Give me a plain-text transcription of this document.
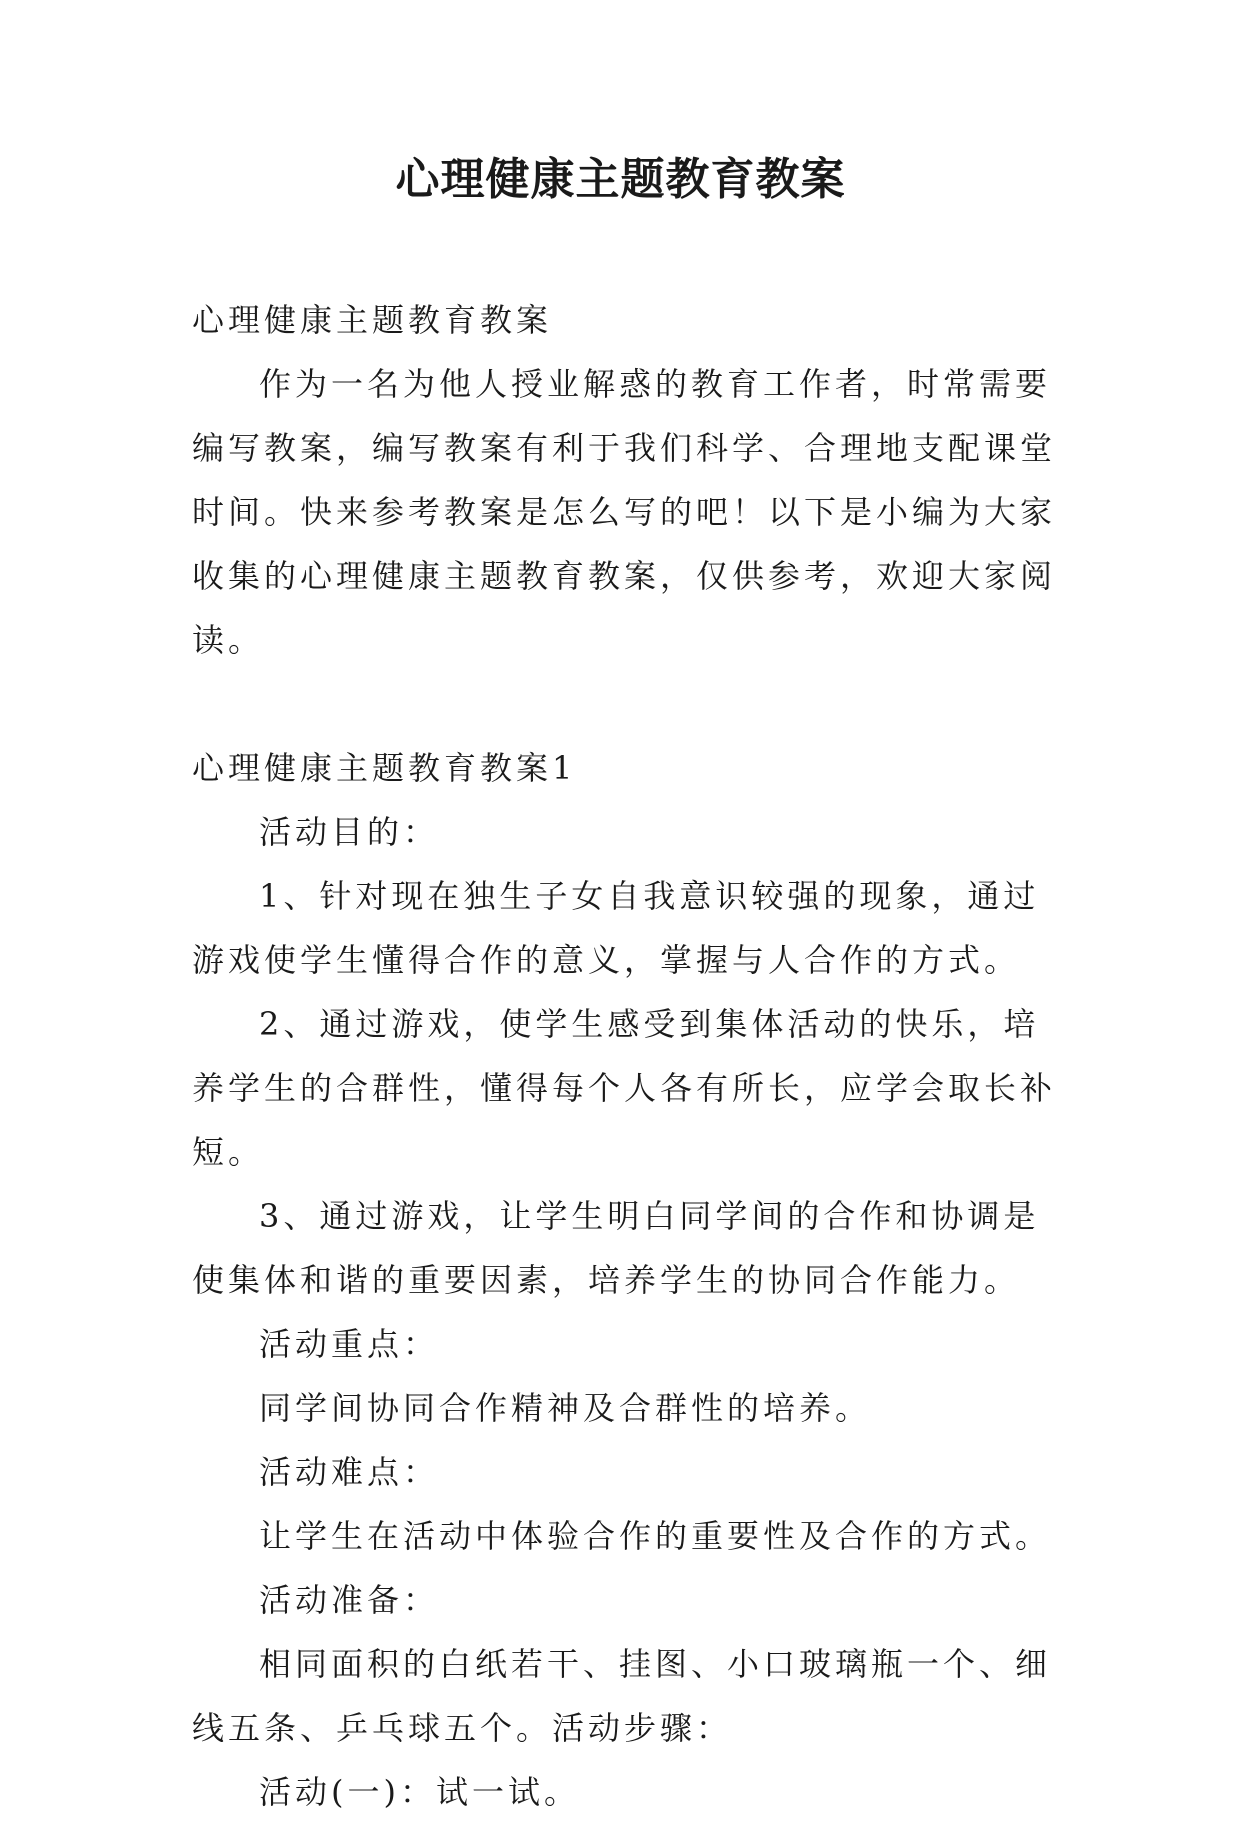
心理健康主题教育教案

心理健康主题教育教案

作为一名为他人授业解惑的教育工作者，时常需要编写教案，编写教案有利于我们科学、合理地支配课堂时间。快来参考教案是怎么写的吧！以下是小编为大家收集的心理健康主题教育教案，仅供参考，欢迎大家阅读。

心理健康主题教育教案1

活动目的：

1、针对现在独生子女自我意识较强的现象，通过游戏使学生懂得合作的意义，掌握与人合作的方式。

2、通过游戏，使学生感受到集体活动的快乐，培养学生的合群性，懂得每个人各有所长，应学会取长补短。

3、通过游戏，让学生明白同学间的合作和协调是使集体和谐的重要因素，培养学生的协同合作能力。

活动重点：

同学间协同合作精神及合群性的培养。

活动难点：

让学生在活动中体验合作的重要性及合作的方式。

活动准备：

相同面积的白纸若干、挂图、小口玻璃瓶一个、细线五条、乒乓球五个。活动步骤：

活动(一)：试一试。
